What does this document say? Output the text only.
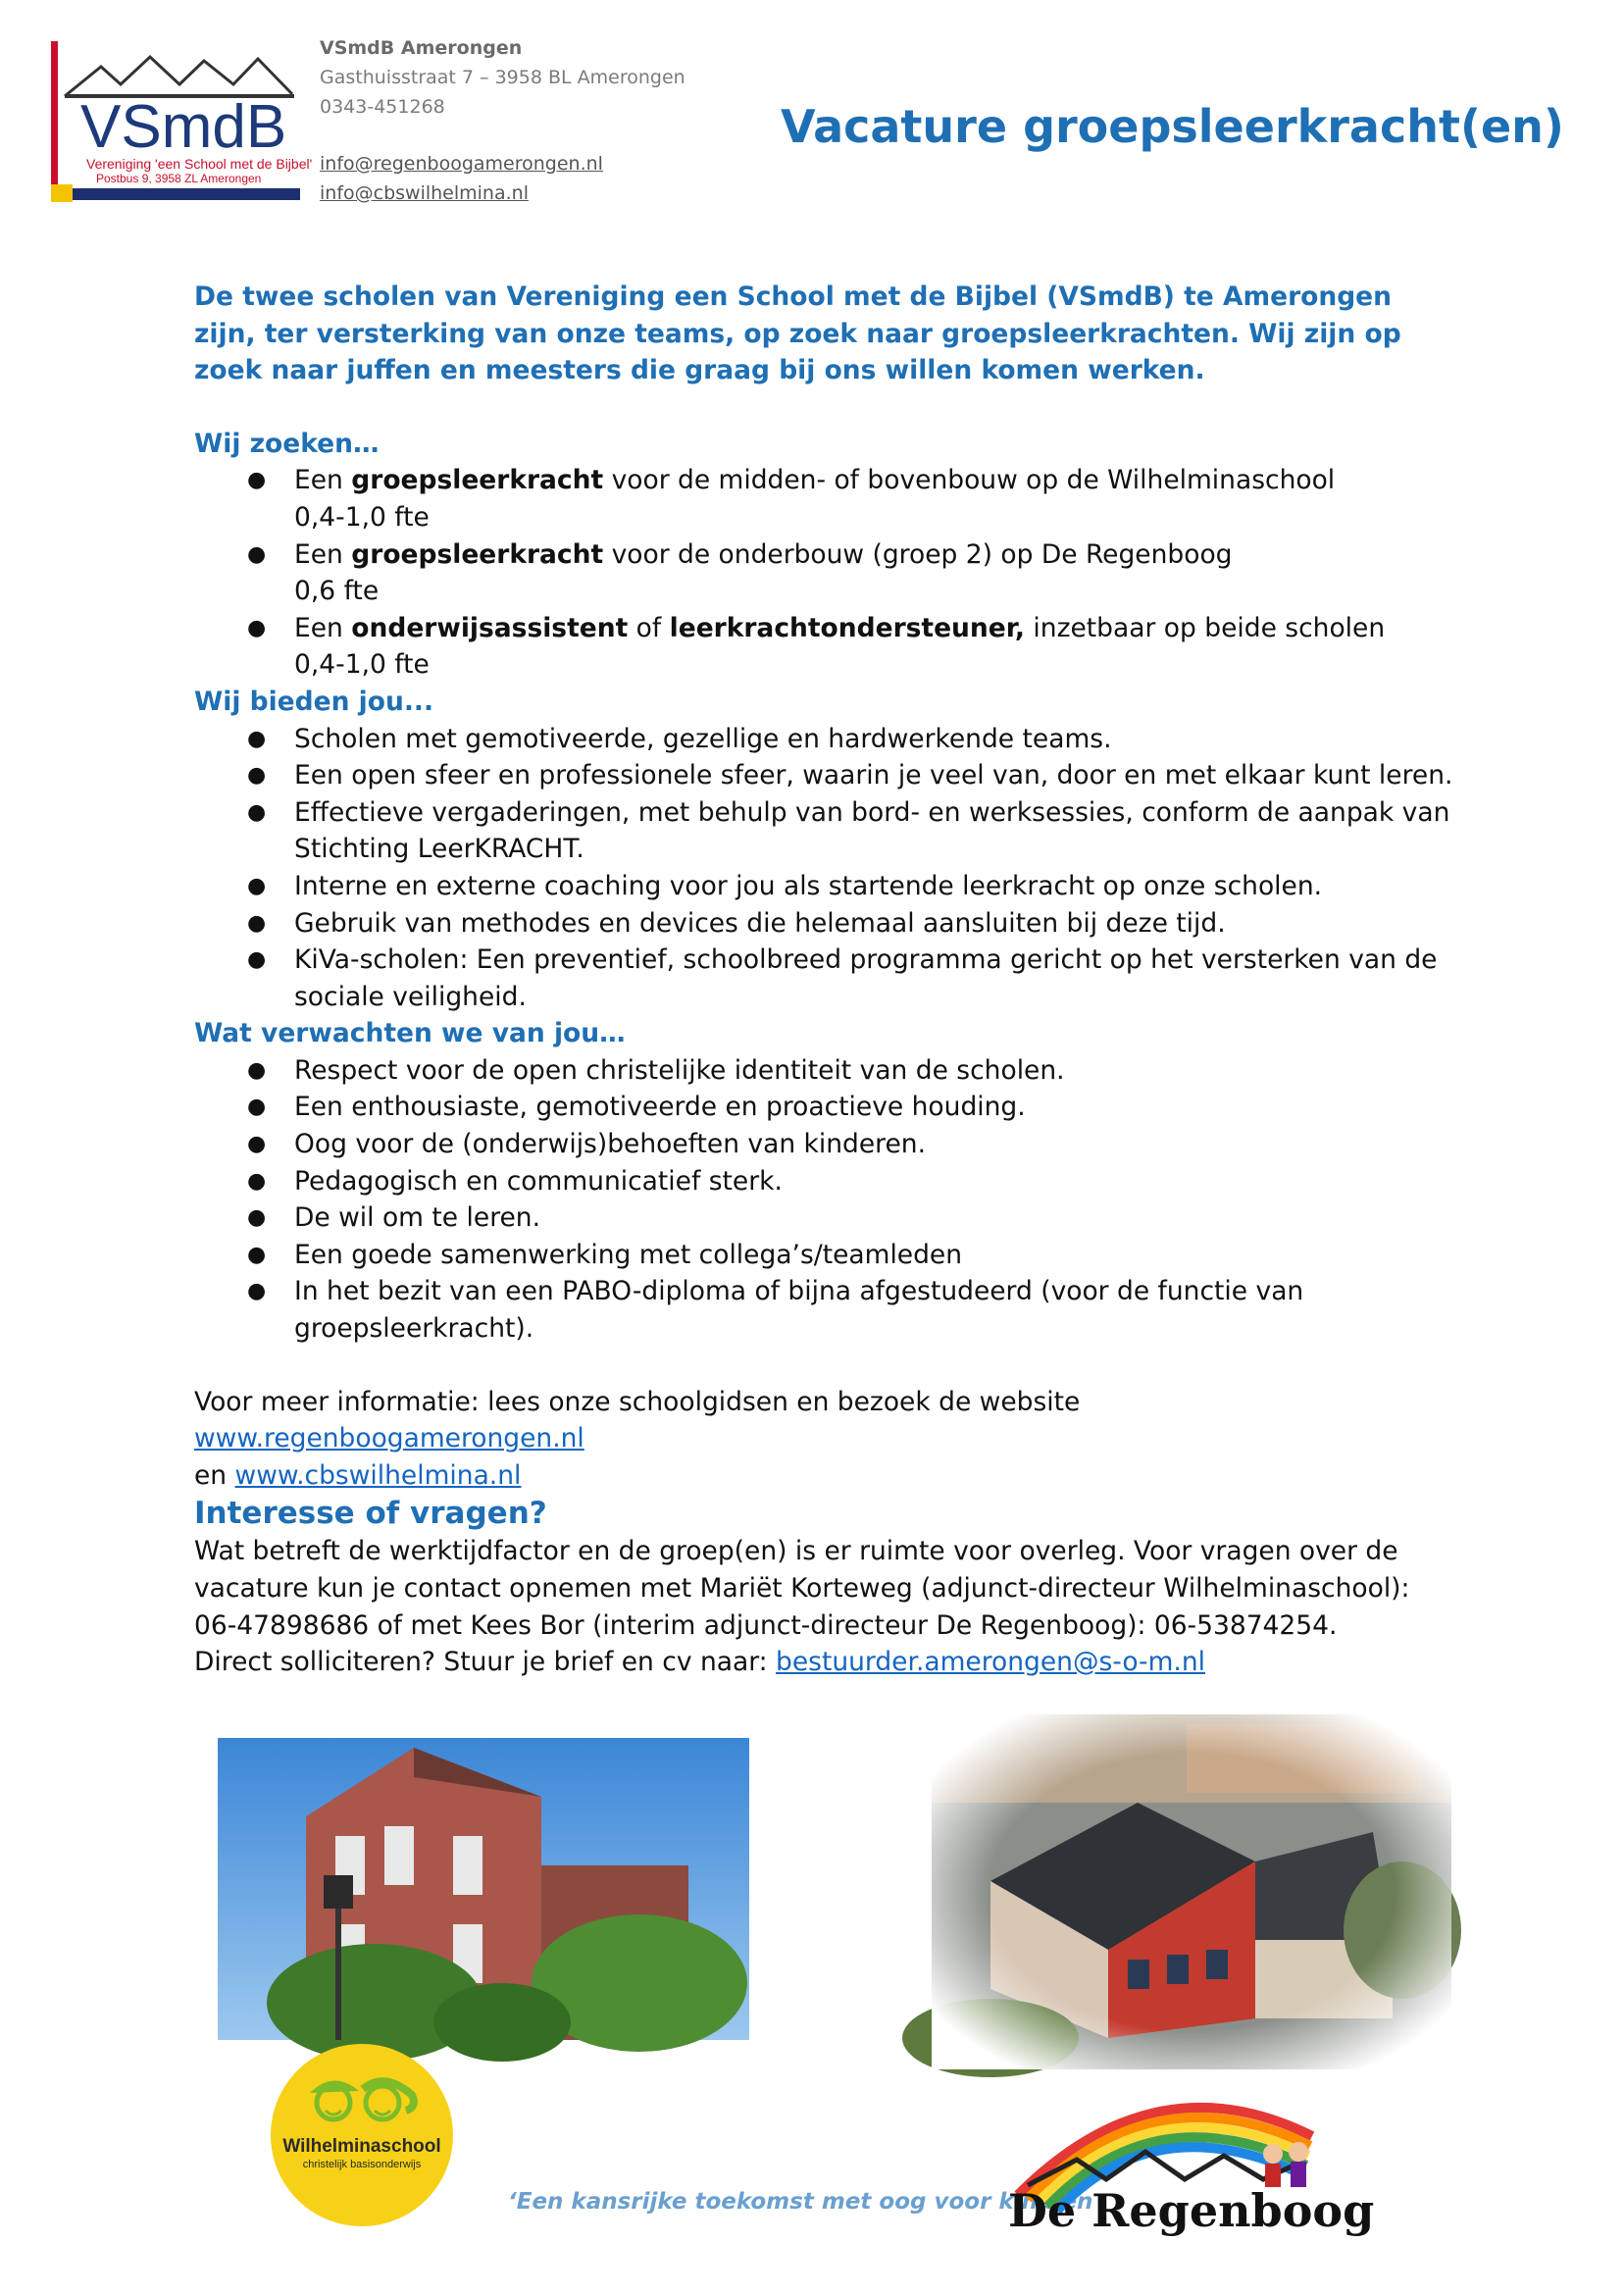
VSmdB
Vereniging 'een School met de Bijbel'
Postbus 9, 3958 ZL Amerongen
VSmdB Amerongen
Gasthuisstraat 7 – 3958 BL Amerongen
0343-451268
info@regenboogamerongen.nl
info@cbswilhelmina.nl
Vacature groepsleerkracht(en)

De twee scholen van Vereniging een School met de Bijbel (VSmdB) te Amerongen zijn, ter versterking van onze teams, op zoek naar groepsleerkrachten. Wij zijn op zoek naar juffen en meesters die graag bij ons willen komen werken.

Wij zoeken…

● Een groepsleerkracht voor de midden- of bovenbouw op de Wilhelminaschool
0,4-1,0 fte
● Een groepsleerkracht voor de onderbouw (groep 2) op De Regenboog
0,6 fte
● Een onderwijsassistent of leerkrachtondersteuner, inzetbaar op beide scholen
0,4-1,0 fte

Wij bieden jou...

● Scholen met gemotiveerde, gezellige en hardwerkende teams.
● Een open sfeer en professionele sfeer, waarin je veel van, door en met elkaar kunt leren.
● Effectieve vergaderingen, met behulp van bord- en werksessies, conform de aanpak van Stichting LeerKRACHT.
● Interne en externe coaching voor jou als startende leerkracht op onze scholen.
● Gebruik van methodes en devices die helemaal aansluiten bij deze tijd.
● KiVa-scholen: Een preventief, schoolbreed programma gericht op het versterken van de sociale veiligheid.

Wat verwachten we van jou…

● Respect voor de open christelijke identiteit van de scholen.
● Een enthousiaste, gemotiveerde en proactieve houding.
● Oog voor de (onderwijs)behoeften van kinderen.
● Pedagogisch en communicatief sterk.
● De wil om te leren.
● Een goede samenwerking met collega’s/teamleden
● In het bezit van een PABO-diploma of bijna afgestudeerd (voor de functie van groepsleerkracht).

Voor meer informatie: lees onze schoolgidsen en bezoek de website www.regenboogamerongen.nl
en www.cbswilhelmina.nl

Interesse of vragen?

Wat betreft de werktijdfactor en de groep(en) is er ruimte voor overleg. Voor vragen over de vacature kun je contact opnemen met Mariët Korteweg (adjunct-directeur Wilhelminaschool): 06-47898686 of met Kees Bor (interim adjunct-directeur De Regenboog): 06-53874254.

Direct solliciteren? Stuur je brief en cv naar: bestuurder.amerongen@s-o-m.nl

Wilhelminaschool
christelijk basisonderwijs
‘Een kansrijke toekomst met oog voor kind en
De Regenboog
